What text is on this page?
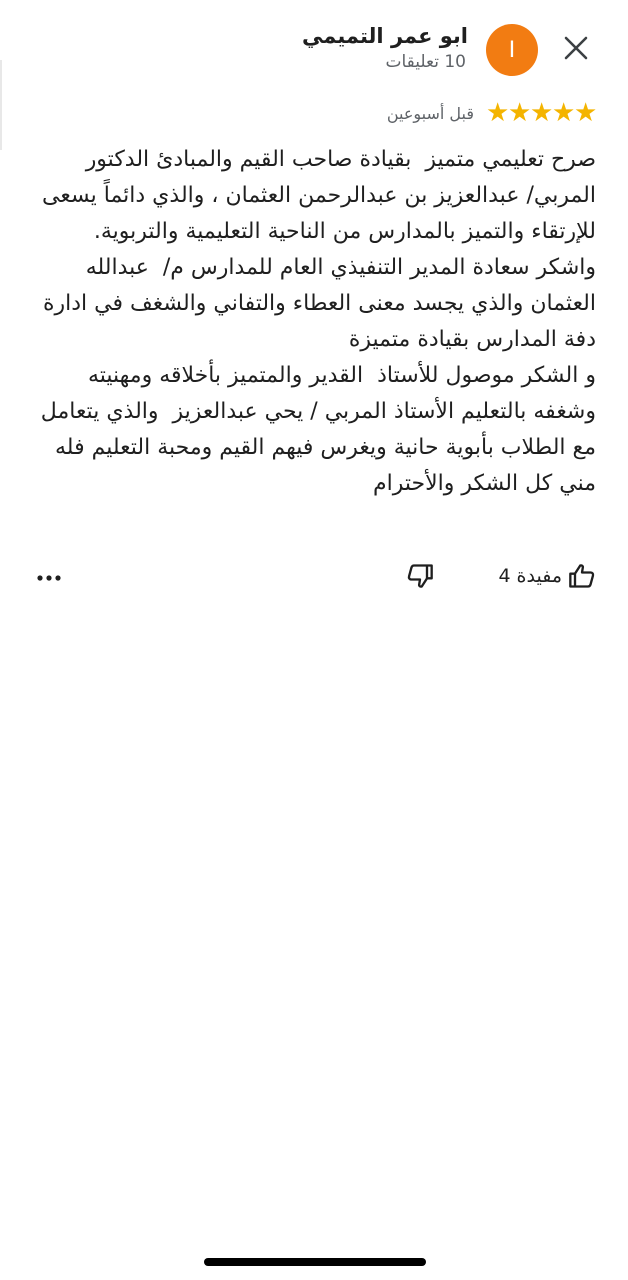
I
ابو عمر التميمي
10 تعليقات
★
★
★
★
★
قبل أسبوعين
صرح تعليمي متميز  بقيادة صاحب القيم والمبادئ الدكتور المربي/ عبدالعزيز بن عبدالرحمن العثمان ، والذي دائماً يسعى للإرتقاء والتميز بالمدارس من الناحية التعليمية والتربوية.
واشكر سعادة المدير التنفيذي العام للمدارس م/  عبدالله العثمان والذي يجسد معنى العطاء والتفاني والشغف في ادارة دفة المدارس بقيادة متميزة
و الشكر موصول للأستاذ  القدير والمتميز بأخلاقه ومهنيته وشغفه بالتعليم الأستاذ المربي / يحي عبدالعزيز  والذي يتعامل مع الطلاب بأبوية حانية ويغرس فيهم القيم ومحبة التعليم فله مني كل الشكر والأحترام
مفيدة
4
